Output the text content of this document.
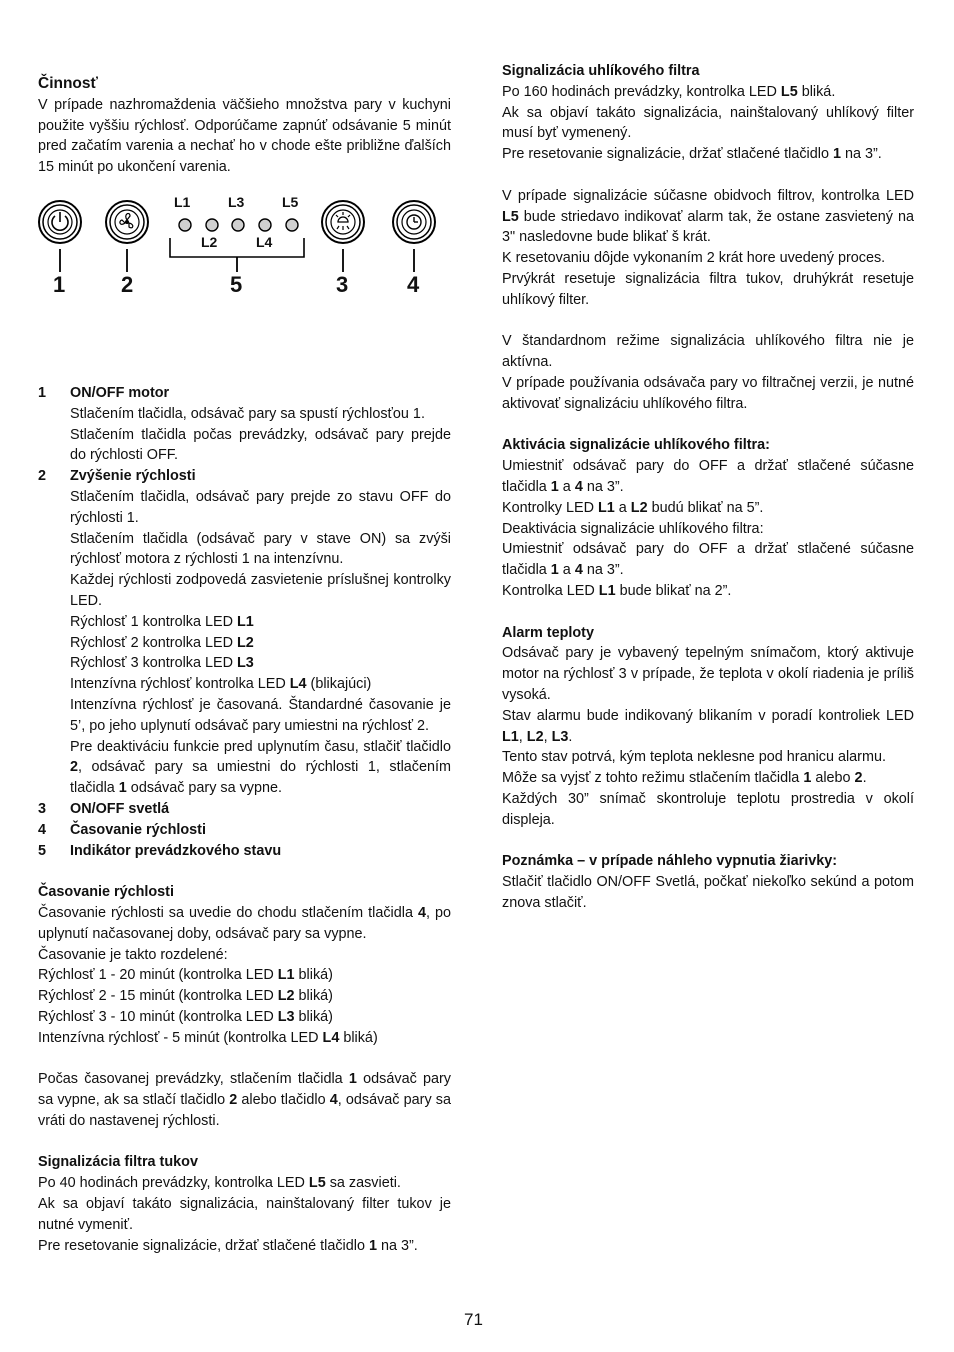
Činnosť

V prípade nazhromaždenia väčšieho množstva pary v kuchyni použite vyššiu rýchlosť. Odporúčame zapnúť odsávanie 5 minút pred začatím varenia a nechať ho v chode ešte približne ďalších 15 minút po ukončení varenia.

L1	L3	L5
L2	L4
1	2	5	3	4
1 ON/OFF motor

Stlačením tlačidla, odsávač pary sa spustí rýchlosťou 1.

Stlačením tlačidla počas prevádzky, odsávač pary prejde do rýchlosti OFF.

2 Zvýšenie rýchlosti

Stlačením tlačidla, odsávač pary prejde zo stavu OFF do rýchlosti 1.

Stlačením tlačidla (odsávač pary v stave ON) sa zvýši rýchlosť motora z rýchlosti 1 na intenzívnu.

Každej rýchlosti zodpovedá zasvietenie príslušnej kontrolky LED.

Rýchlosť 1 kontrolka LED L1

Rýchlosť 2 kontrolka LED L2

Rýchlosť 3 kontrolka LED L3

Intenzívna rýchlosť kontrolka LED L4 (blikajúci)

Intenzívna rýchlosť je časovaná. Štandardné časovanie je 5’, po jeho uplynutí odsávač pary umiestni na rýchlosť 2.

Pre deaktiváciu funkcie pred uplynutím času, stlačiť tlačidlo 2, odsávač pary sa umiestni do rýchlosti 1, stlačením tlačidla 1 odsávač pary sa vypne.

3 ON/OFF svetlá
4 Časovanie rýchlosti
5 Indikátor prevádzkového stavu

Časovanie rýchlosti

Časovanie rýchlosti sa uvedie do chodu stlačením tlačidla 4, po uplynutí načasovanej doby, odsávač pary sa vypne.

Časovanie je takto rozdelené:

Rýchlosť 1 - 20 minút (kontrolka LED L1 bliká)

Rýchlosť 2 - 15 minút (kontrolka LED L2 bliká)

Rýchlosť 3 - 10 minút (kontrolka LED L3 bliká)

Intenzívna rýchlosť - 5 minút (kontrolka LED L4 bliká)

Počas časovanej prevádzky, stlačením tlačidla 1 odsávač pary sa vypne, ak sa stlačí tlačidlo 2 alebo tlačidlo 4, odsávač pary sa vráti do nastavenej rýchlosti.

Signalizácia filtra tukov

Po 40 hodinách prevádzky, kontrolka LED L5 sa zasvieti.

Ak sa objaví takáto signalizácia, nainštalovaný filter tukov je nutné vymeniť.

Pre resetovanie signalizácie, držať stlačené tlačidlo 1 na 3”.

Signalizácia uhlíkového filtra

Po 160 hodinách prevádzky, kontrolka LED L5 bliká.

Ak sa objaví takáto signalizácia, nainštalovaný uhlíkový filter musí byť vymenený.

Pre resetovanie signalizácie, držať stlačené tlačidlo 1 na 3”.

V prípade signalizácie súčasne obidvoch filtrov, kontrolka LED L5 bude striedavo indikovať alarm tak, že ostane zasvietený na 3" nasledovne bude blikať š krát.

K resetovaniu dôjde vykonaním 2 krát hore uvedený proces.

Prvýkrát resetuje signalizácia filtra tukov, druhýkrát resetuje uhlíkový filter.

V štandardnom režime signalizácia uhlíkového filtra nie je aktívna.

V prípade používania odsávača pary vo filtračnej verzii, je nutné aktivovať signalizáciu uhlíkového filtra.

Aktivácia signalizácie uhlíkového filtra:

Umiestniť odsávač pary do OFF a držať stlačené súčasne tlačidla 1 a 4 na 3”.

Kontrolky LED L1 a L2 budú blikať na 5”.

Deaktivácia signalizácie uhlíkového filtra:

Umiestniť odsávač pary do OFF a držať stlačené súčasne tlačidla 1 a 4 na 3”.

Kontrolka LED L1 bude blikať na 2”.

Alarm teploty

Odsávač pary je vybavený tepelným snímačom, ktorý aktivuje motor na rýchlosť 3 v prípade, že teplota v okolí riadenia je príliš vysoká.

Stav alarmu bude indikovaný blikaním v poradí kontroliek LED L1, L2, L3.

Tento stav potrvá, kým teplota neklesne pod hranicu alarmu.

Môže sa vyjsť z tohto režimu stlačením tlačidla 1 alebo 2.

Každých 30” snímač skontroluje teplotu prostredia v okolí displeja.

Poznámka – v prípade náhleho vypnutia žiarivky:

Stlačiť tlačidlo ON/OFF Svetlá, počkať niekoľko sekúnd a potom znova stlačiť.

71
